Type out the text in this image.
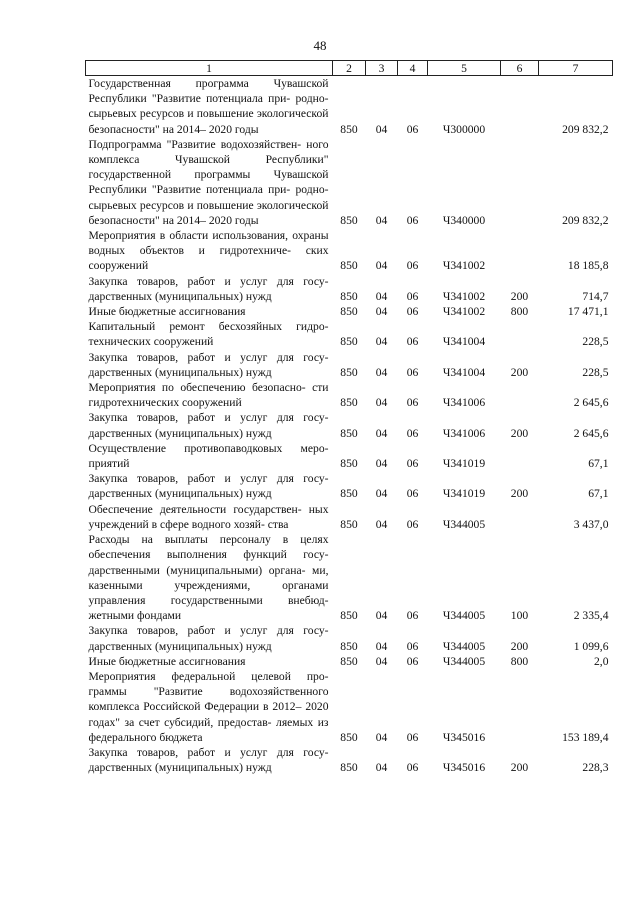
48
1	2	3	4	5	6	7
Государственная программа Чувашской Республики "Развитие потенциала при- родно-сырьевых ресурсов и повышение экологической безопасности" на 2014– 2020 годы	850	04	06	Ч300000		209 832,2
Подпрограмма "Развитие водохозяйствен- ного комплекса Чувашской Республики" государственной программы Чувашской Республики "Развитие потенциала при- родно-сырьевых ресурсов и повышение экологической безопасности" на 2014– 2020 годы	850	04	06	Ч340000		209 832,2
Мероприятия в области использования, охраны водных объектов и гидротехниче- ских сооружений	850	04	06	Ч341002		18 185,8
Закупка товаров, работ и услуг для госу- дарственных (муниципальных) нужд	850	04	06	Ч341002	200	714,7
Иные бюджетные ассигнования	850	04	06	Ч341002	800	17 471,1
Капитальный ремонт бесхозяйных гидро- технических сооружений	850	04	06	Ч341004		228,5
Закупка товаров, работ и услуг для госу- дарственных (муниципальных) нужд	850	04	06	Ч341004	200	228,5
Мероприятия по обеспечению безопасно- сти гидротехнических сооружений	850	04	06	Ч341006		2 645,6
Закупка товаров, работ и услуг для госу- дарственных (муниципальных) нужд	850	04	06	Ч341006	200	2 645,6
Осуществление противопаводковых меро- приятий	850	04	06	Ч341019		67,1
Закупка товаров, работ и услуг для госу- дарственных (муниципальных) нужд	850	04	06	Ч341019	200	67,1
Обеспечение деятельности государствен- ных учреждений в сфере водного хозяй- ства	850	04	06	Ч344005		3 437,0
Расходы на выплаты персоналу в целях обеспечения выполнения функций госу- дарственными (муниципальными) органа- ми, казенными учреждениями, органами управления государственными внебюд- жетными фондами	850	04	06	Ч344005	100	2 335,4
Закупка товаров, работ и услуг для госу- дарственных (муниципальных) нужд	850	04	06	Ч344005	200	1 099,6
Иные бюджетные ассигнования	850	04	06	Ч344005	800	2,0
Мероприятия федеральной целевой про- граммы "Развитие водохозяйственного комплекса Российской Федерации в 2012– 2020 годах" за счет субсидий, предостав- ляемых из федерального бюджета	850	04	06	Ч345016		153 189,4
Закупка товаров, работ и услуг для госу- дарственных (муниципальных) нужд	850	04	06	Ч345016	200	228,3
